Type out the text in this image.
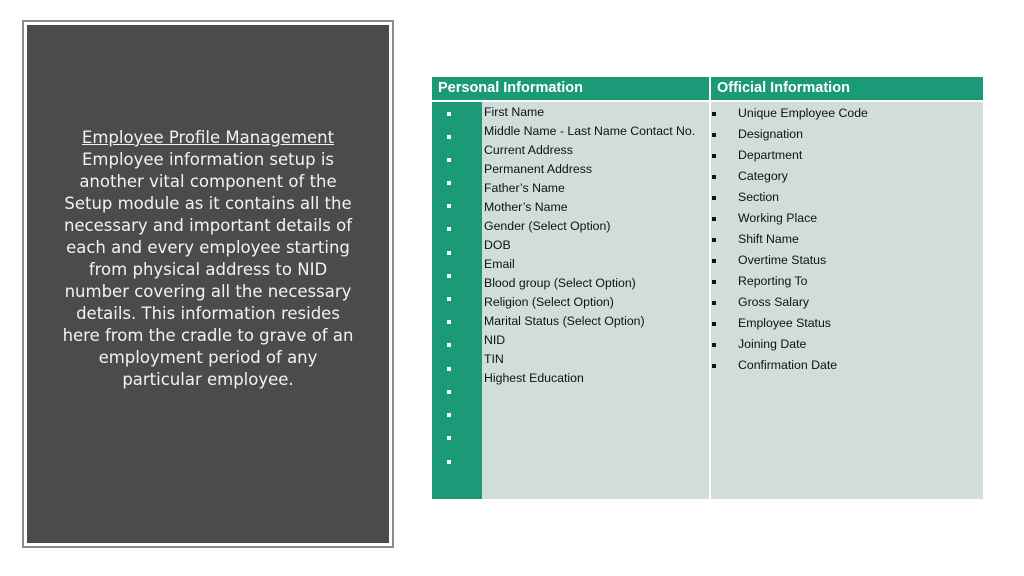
Employee Profile Management
Employee information setup is another vital component of the Setup module as it contains all the necessary and important details of each and every employee starting from physical address to NID number covering all the necessary details. This information resides here from the cradle to grave of an employment period of any particular employee.
Personal Information	Official Information
First Name
Middle Name - Last Name Contact No.
Current Address
Permanent Address
Father’s Name
Mother’s Name
Gender (Select Option)
DOB
Email
Blood group (Select Option)
Religion (Select Option)
Marital Status (Select Option)
NID
TIN
Highest Education
Unique Employee Code
Designation
Department
Category
Section
Working Place
Shift Name
Overtime Status
Reporting To
Gross Salary
Employee Status
Joining Date
Confirmation Date
